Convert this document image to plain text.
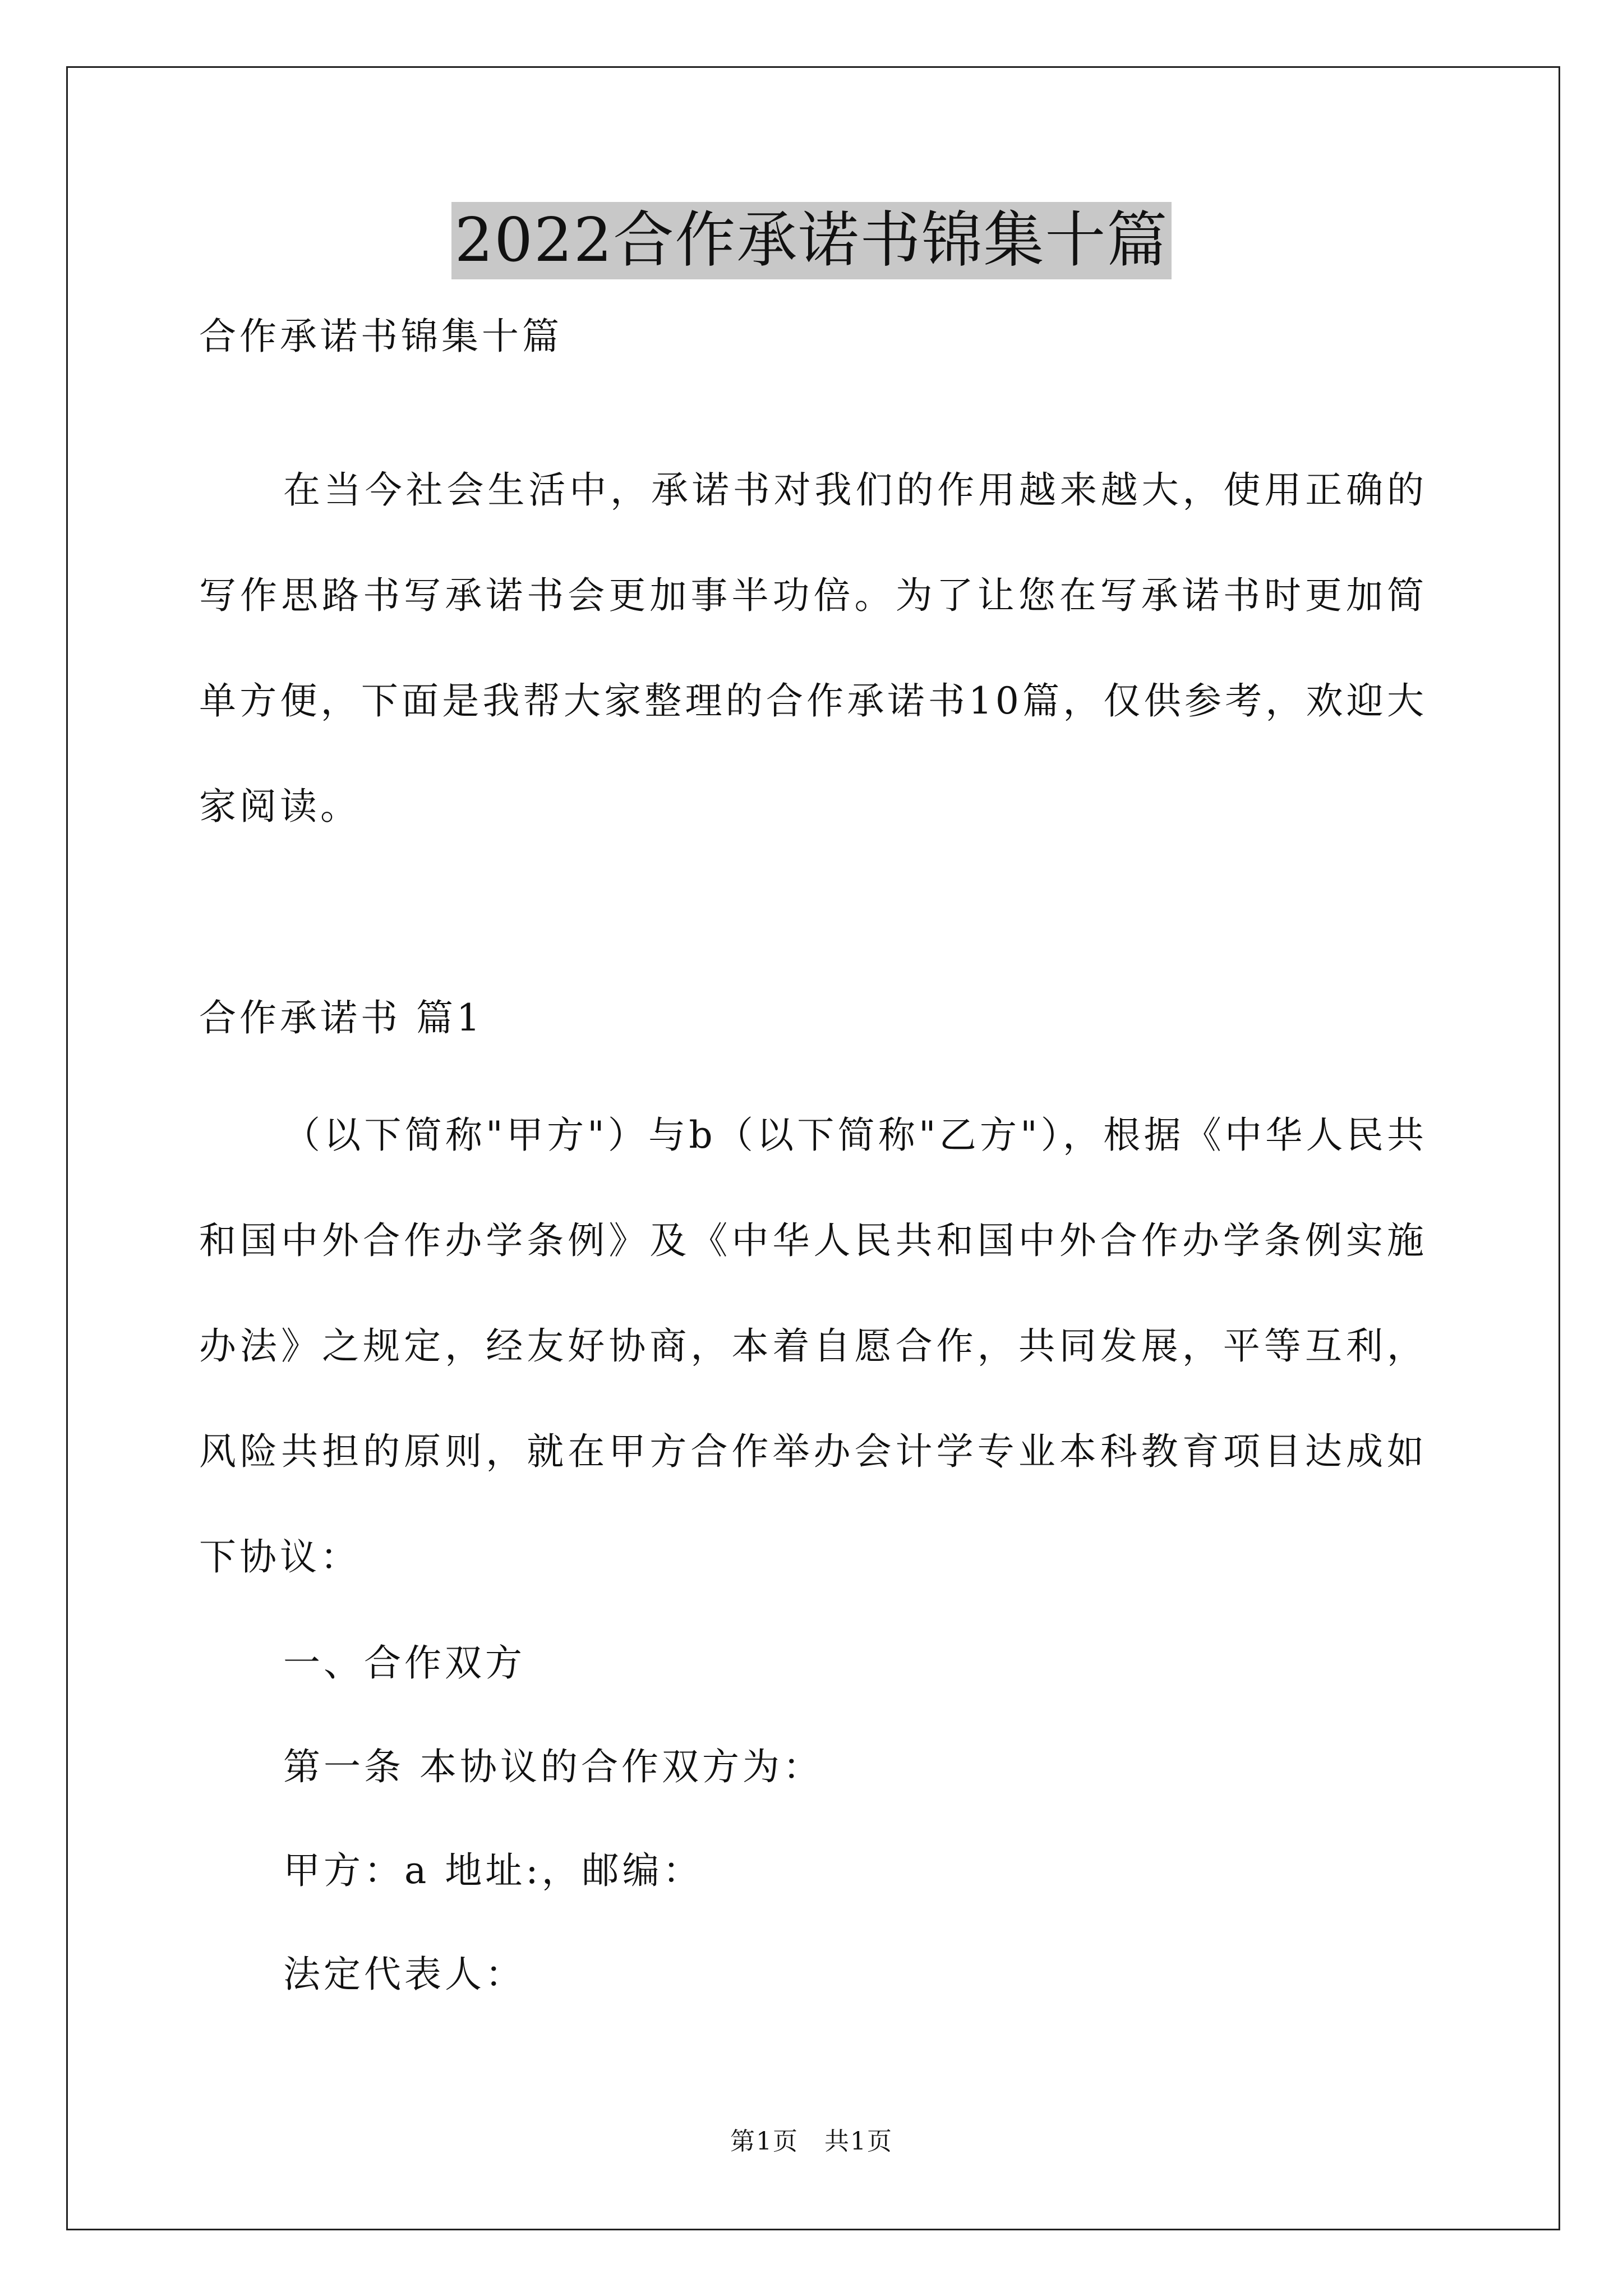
2022合作承诺书锦集十篇

合作承诺书锦集十篇

在当今社会生活中，承诺书对我们的作用越来越大，使用正确的写作思路书写承诺书会更加事半功倍。为了让您在写承诺书时更加简单方便，下面是我帮大家整理的合作承诺书10篇，仅供参考，欢迎大家阅读。

合作承诺书 篇1

（以下简称"甲方"）与b（以下简称"乙方"），根据《中华人民共和国中外合作办学条例》及《中华人民共和国中外合作办学条例实施办法》之规定，经友好协商，本着自愿合作，共同发展，平等互利，风险共担的原则，就在甲方合作举办会计学专业本科教育项目达成如下协议：

一、合作双方

第一条 本协议的合作双方为：

甲方：a 地址:，邮编：

法定代表人：

第1页　共1页
